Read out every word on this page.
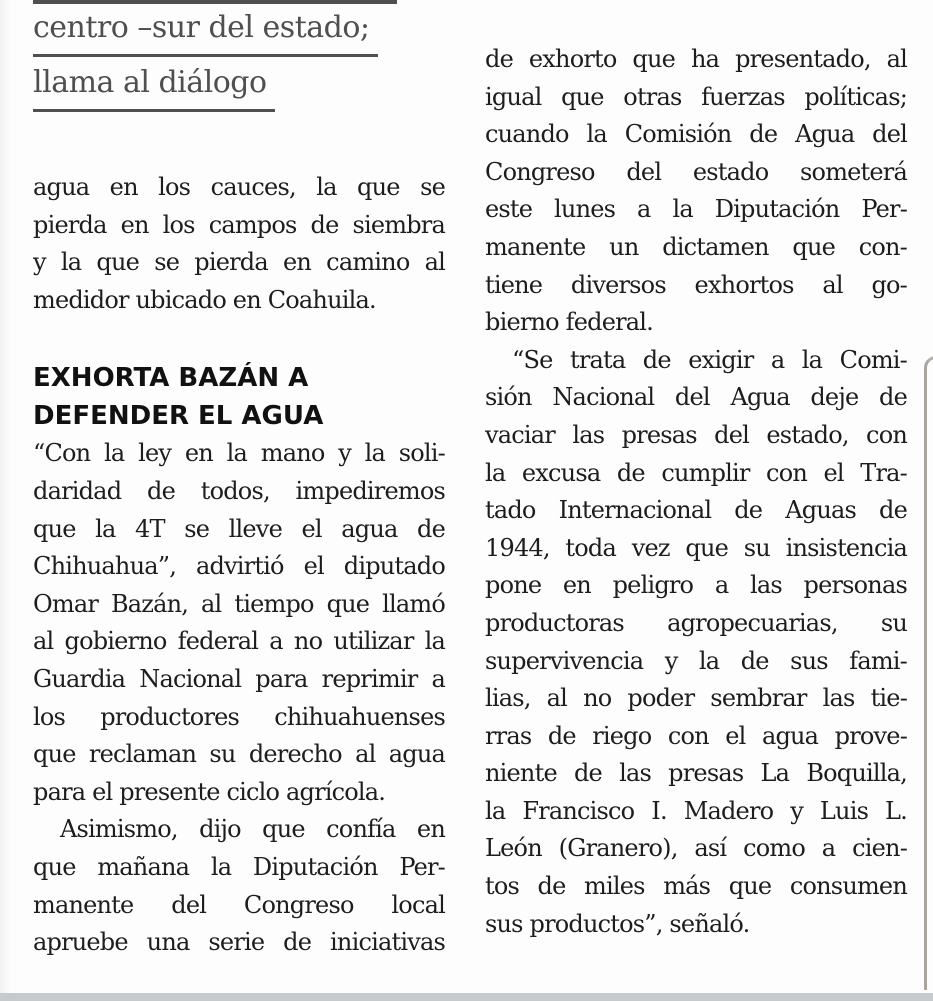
centro –sur del estado;
llama al diálogo
agua en los cauces, la que se
pierda en los campos de siembra
y la que se pierda en camino al
medidor ubicado en Coahuila.
EXHORTA BAZÁN A
DEFENDER EL AGUA
“Con la ley en la mano y la soli-
daridad de todos, impediremos
que la 4T se lleve el agua de
Chihuahua”, advirtió el diputado
Omar Bazán, al tiempo que llamó
al gobierno federal a no utilizar la
Guardia Nacional para reprimir a
los productores chihuahuenses
que reclaman su derecho al agua
para el presente ciclo agrícola.
Asimismo, dijo que confía en
que mañana la Diputación Per-
manente del Congreso local
apruebe una serie de iniciativas
de exhorto que ha presentado, al
igual que otras fuerzas políticas;
cuando la Comisión de Agua del
Congreso del estado someterá
este lunes a la Diputación Per-
manente un dictamen que con-
tiene diversos exhortos al go-
bierno federal.
“Se trata de exigir a la Comi-
sión Nacional del Agua deje de
vaciar las presas del estado, con
la excusa de cumplir con el Tra-
tado Internacional de Aguas de
1944, toda vez que su insistencia
pone en peligro a las personas
productoras agropecuarias, su
supervivencia y la de sus fami-
lias, al no poder sembrar las tie-
rras de riego con el agua prove-
niente de las presas La Boquilla,
la Francisco I. Madero y Luis L.
León (Granero), así como a cien-
tos de miles más que consumen
sus productos”, señaló.
